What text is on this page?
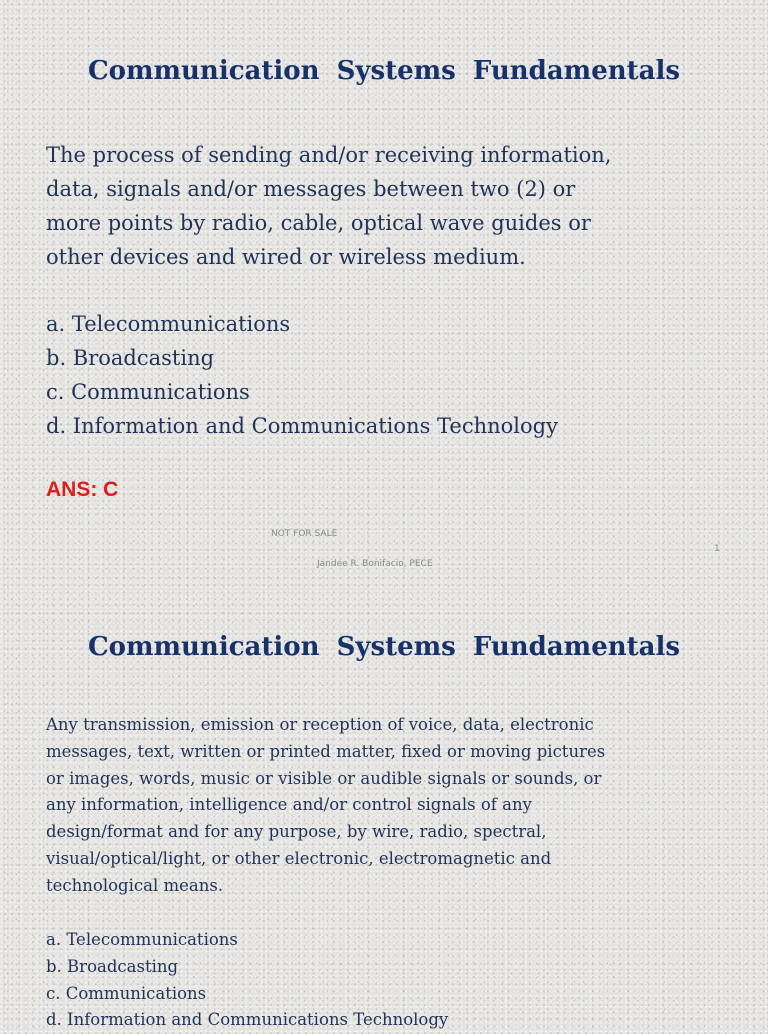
Communication Systems Fundamentals
The process of sending and/or receiving information,
data, signals and/or messages between two (2) or
more points by radio, cable, optical wave guides or
other devices and wired or wireless medium.
a. Telecommunications
b. Broadcasting
c. Communications
d. Information and Communications Technology

ANS: C

NOT FOR SALE
1
Jandee R. Bonifacio, PECE
Communication Systems Fundamentals
Any transmission, emission or reception of voice, data, electronic
messages, text, written or printed matter, fixed or moving pictures
or images, words, music or visible or audible signals or sounds, or
any information, intelligence and/or control signals of any
design/format and for any purpose, by wire, radio, spectral,
visual/optical/light, or other electronic, electromagnetic and
technological means.
a. Telecommunications
b. Broadcasting
c. Communications
d. Information and Communications Technology
